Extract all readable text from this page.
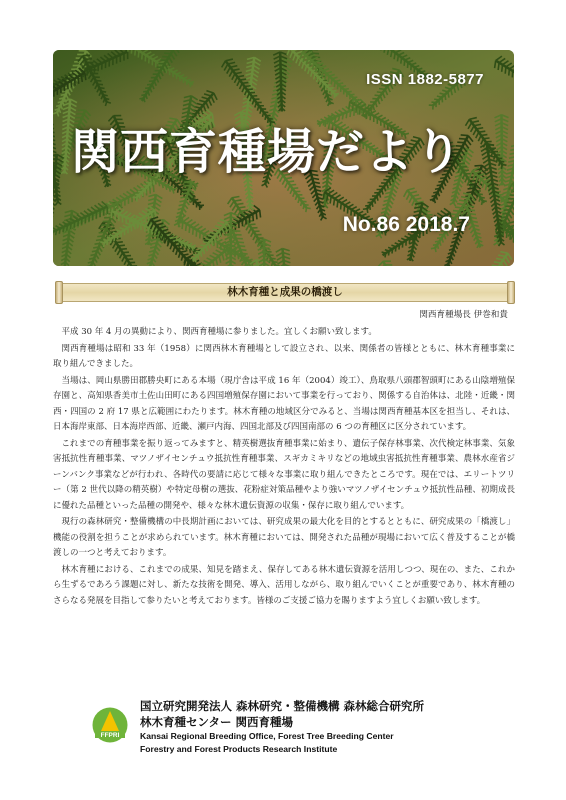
ISSN 1882-5877
関西育種場だより
No.86 2018.7
林木育種と成果の橋渡し
関西育種場長 伊巻和貴

平成 30 年 4 月の異動により、関西育種場に参りました。宜しくお願い致します。

関西育種場は昭和 33 年（1958）に関西林木育種場として設立され、以来、関係者の皆様とともに、林木育種事業に取り組んできました。

当場は、岡山県勝田郡勝央町にある本場（現庁舎は平成 16 年（2004）竣工）、鳥取県八頭郡智頭町にある山陰増殖保存園と、高知県香美市土佐山田町にある四国増殖保存園において事業を行っており、関係する自治体は、北陸・近畿・関西・四国の 2 府 17 県と広範囲にわたります。林木育種の地域区分でみると、当場は関西育種基本区を担当し、それは、日本海岸東部、日本海岸西部、近畿、瀬戸内海、四国北部及び四国南部の 6 つの育種区に区分されています。

これまでの育種事業を振り返ってみますと、精英樹選抜育種事業に始まり、遺伝子保存林事業、次代検定林事業、気象害抵抗性育種事業、マツノザイセンチュウ抵抗性育種事業、スギカミキリなどの地域虫害抵抗性育種事業、農林水産省ジーンバンク事業などが行われ、各時代の要請に応じて様々な事業に取り組んできたところです。現在では、エリートツリー（第 2 世代以降の精英樹）や特定母樹の選抜、花粉症対策品種やより強いマツノザイセンチュウ抵抗性品種、初期成長に優れた品種といった品種の開発や、様々な林木遺伝資源の収集・保存に取り組んでいます。

現行の森林研究・整備機構の中長期計画においては、研究成果の最大化を目的とするとともに、研究成果の「橋渡し」機能の役割を担うことが求められています。林木育種においては、開発された品種が現場において広く普及することが橋渡しの一つと考えております。

林木育種における、これまでの成果、知見を踏まえ、保存してある林木遺伝資源を活用しつつ、現在の、また、これから生ずるであろう課題に対し、新たな技術を開発、導入、活用しながら、取り組んでいくことが重要であり、林木育種のさらなる発展を目指して参りたいと考えております。皆様のご支援ご協力を賜りますよう宜しくお願い致します。

FFPRI
国立研究開発法人 森林研究・整備機構 森林総合研究所
林木育種センター 関西育種場
Kansai Regional Breeding Office, Forest Tree Breeding Center
Forestry and Forest Products Research Institute
